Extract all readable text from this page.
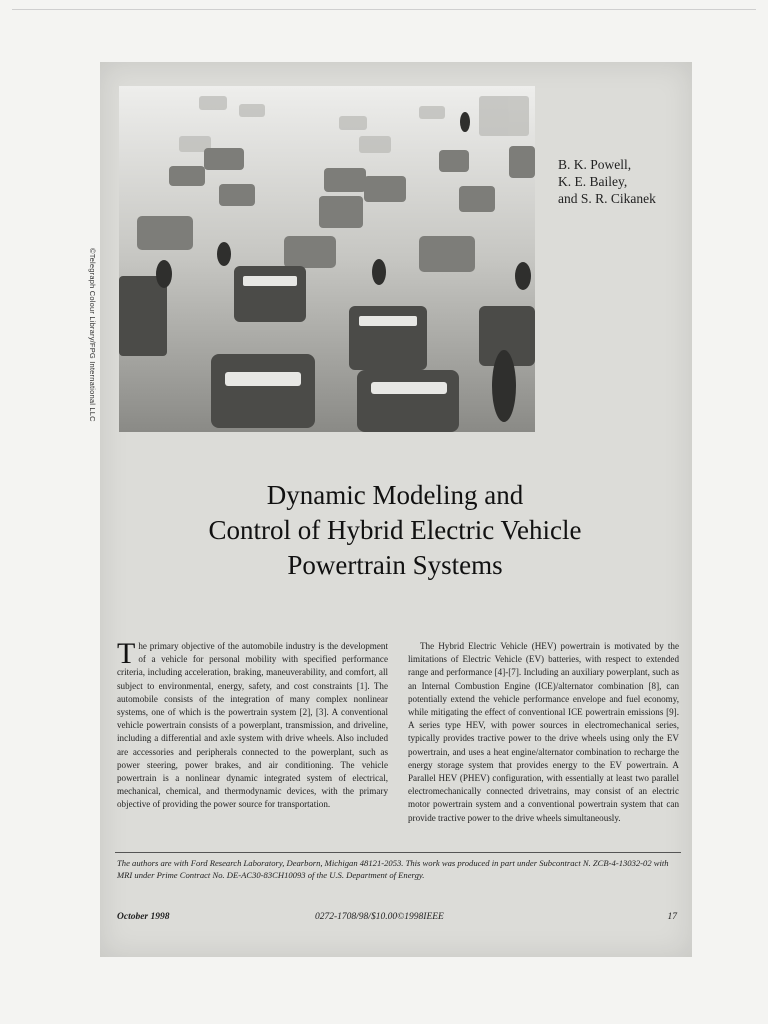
©Telegraph Colour Library/FPG International LLC
B. K. Powell,
K. E. Bailey,
and S. R. Cikanek
Dynamic Modeling and
Control of Hybrid Electric Vehicle
Powertrain Systems

The primary objective of the automobile industry is the development of a vehicle for personal mobility with specified performance criteria, including acceleration, braking, maneuverability, and comfort, all subject to environmental, energy, safety, and cost constraints [1]. The automobile consists of the integration of many complex nonlinear systems, one of which is the powertrain system [2], [3]. A conventional vehicle powertrain consists of a powerplant, transmission, and driveline, including a differential and axle system with drive wheels. Also included are accessories and peripherals connected to the powerplant, such as power steering, power brakes, and air conditioning. The vehicle powertrain is a nonlinear dynamic integrated system of electrical, mechanical, chemical, and thermodynamic devices, with the primary objective of providing the power source for transportation.

The Hybrid Electric Vehicle (HEV) powertrain is motivated by the limitations of Electric Vehicle (EV) batteries, with respect to extended range and performance [4]-[7]. Including an auxiliary powerplant, such as an Internal Combustion Engine (ICE)/alternator combination [8], can potentially extend the vehicle performance envelope and fuel economy, while mitigating the effect of conventional ICE powertrain emissions [9]. A series type HEV, with power sources in electromechanical series, typically provides tractive power to the drive wheels using only the EV powertrain, and uses a heat engine/alternator combination to recharge the energy storage system that provides energy to the EV powertrain. A Parallel HEV (PHEV) configuration, with essentially at least two parallel electromechanically connected drivetrains, may consist of an electric motor powertrain system and a conventional powertrain system that can provide tractive power to the drive wheels simultaneously.

The authors are with Ford Research Laboratory, Dearborn, Michigan 48121-2053. This work was produced in part under Subcontract N. ZCB-4-13032-02 with MRI under Prime Contract No. DE-AC30-83CH10093 of the U.S. Department of Energy.
October 1998	0272-1708/98/$10.00©1998IEEE	17
